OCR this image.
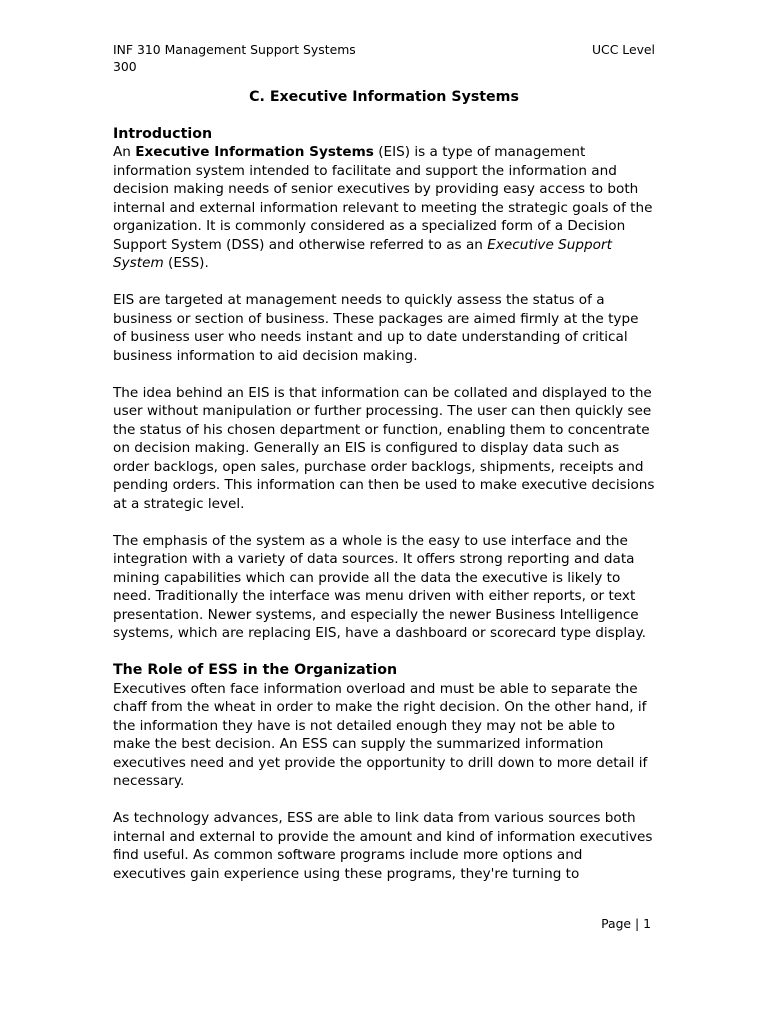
INF 310 Management Support Systems	UCC Level
300
C. Executive Information Systems
Introduction

An Executive Information Systems (EIS) is a type of management information system intended to facilitate and support the information and decision making needs of senior executives by providing easy access to both internal and external information relevant to meeting the strategic goals of the organization. It is commonly considered as a specialized form of a Decision Support System (DSS) and otherwise referred to as an Executive Support System (ESS).

EIS are targeted at management needs to quickly assess the status of a business or section of business. These packages are aimed firmly at the type of business user who needs instant and up to date understanding of critical business information to aid decision making.

The idea behind an EIS is that information can be collated and displayed to the user without manipulation or further processing. The user can then quickly see the status of his chosen department or function, enabling them to concentrate on decision making. Generally an EIS is configured to display data such as order backlogs, open sales, purchase order backlogs, shipments, receipts and pending orders. This information can then be used to make executive decisions at a strategic level.

The emphasis of the system as a whole is the easy to use interface and the integration with a variety of data sources. It offers strong reporting and data mining capabilities which can provide all the data the executive is likely to need. Traditionally the interface was menu driven with either reports, or text presentation. Newer systems, and especially the newer Business Intelligence systems, which are replacing EIS, have a dashboard or scorecard type display.

The Role of ESS in the Organization

Executives often face information overload and must be able to separate the chaff from the wheat in order to make the right decision. On the other hand, if the information they have is not detailed enough they may not be able to make the best decision. An ESS can supply the summarized information executives need and yet provide the opportunity to drill down to more detail if necessary.

As technology advances, ESS are able to link data from various sources both internal and external to provide the amount and kind of information executives find useful. As common software programs include more options and executives gain experience using these programs, they're turning to

Page | 1
